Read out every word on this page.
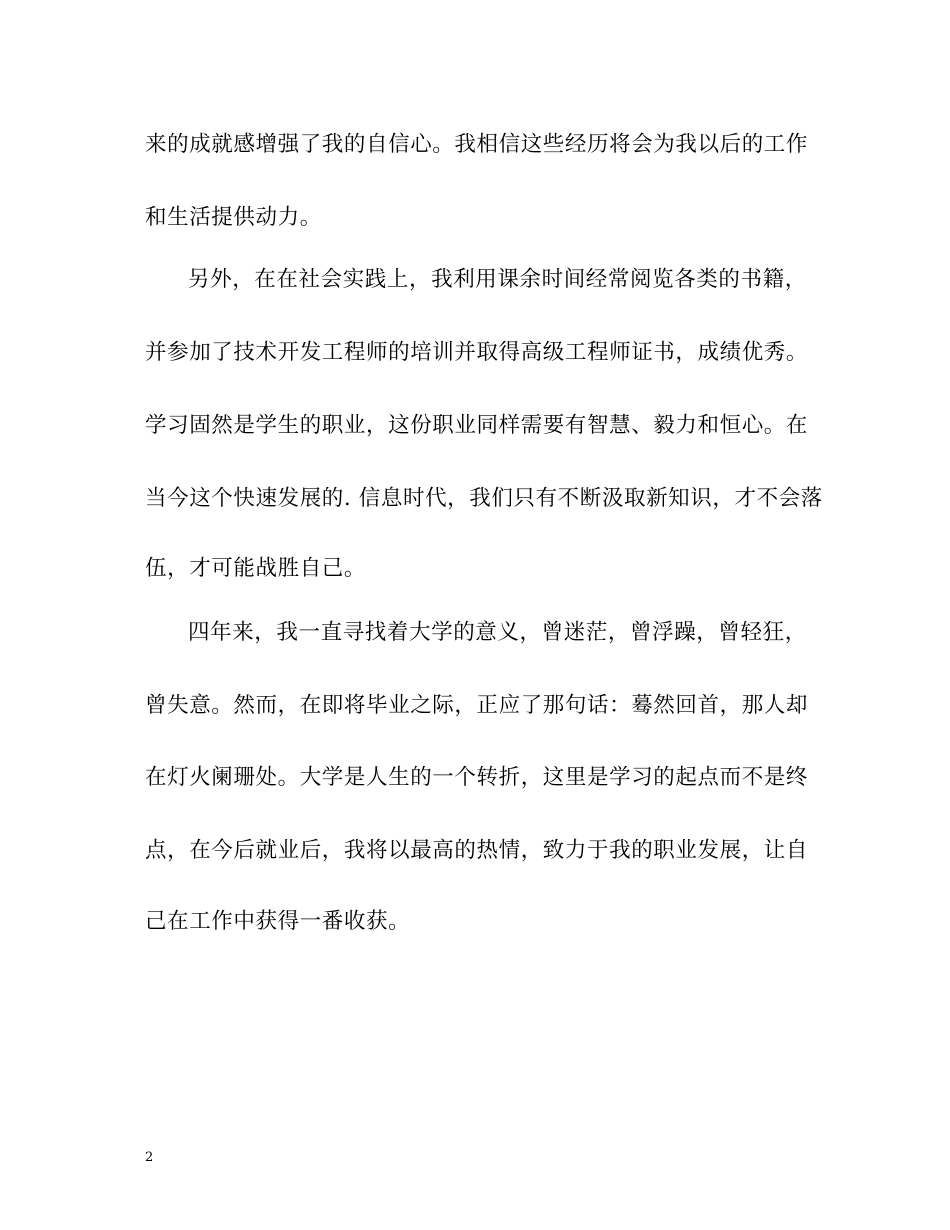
来的成就感增强了我的自信心。我相信这些经历将会为我以后的工作
和生活提供动力。
另外，在在社会实践上，我利用课余时间经常阅览各类的书籍，
并参加了技术开发工程师的培训并取得高级工程师证书，成绩优秀。
学习固然是学生的职业，这份职业同样需要有智慧、毅力和恒心。在
当今这个快速发展的. 信息时代，我们只有不断汲取新知识，才不会落
伍，才可能战胜自己。
四年来，我一直寻找着大学的意义，曾迷茫，曾浮躁，曾轻狂，
曾失意。然而，在即将毕业之际，正应了那句话：蓦然回首，那人却
在灯火阑珊处。大学是人生的一个转折，这里是学习的起点而不是终
点，在今后就业后，我将以最高的热情，致力于我的职业发展，让自
己在工作中获得一番收获。
2
